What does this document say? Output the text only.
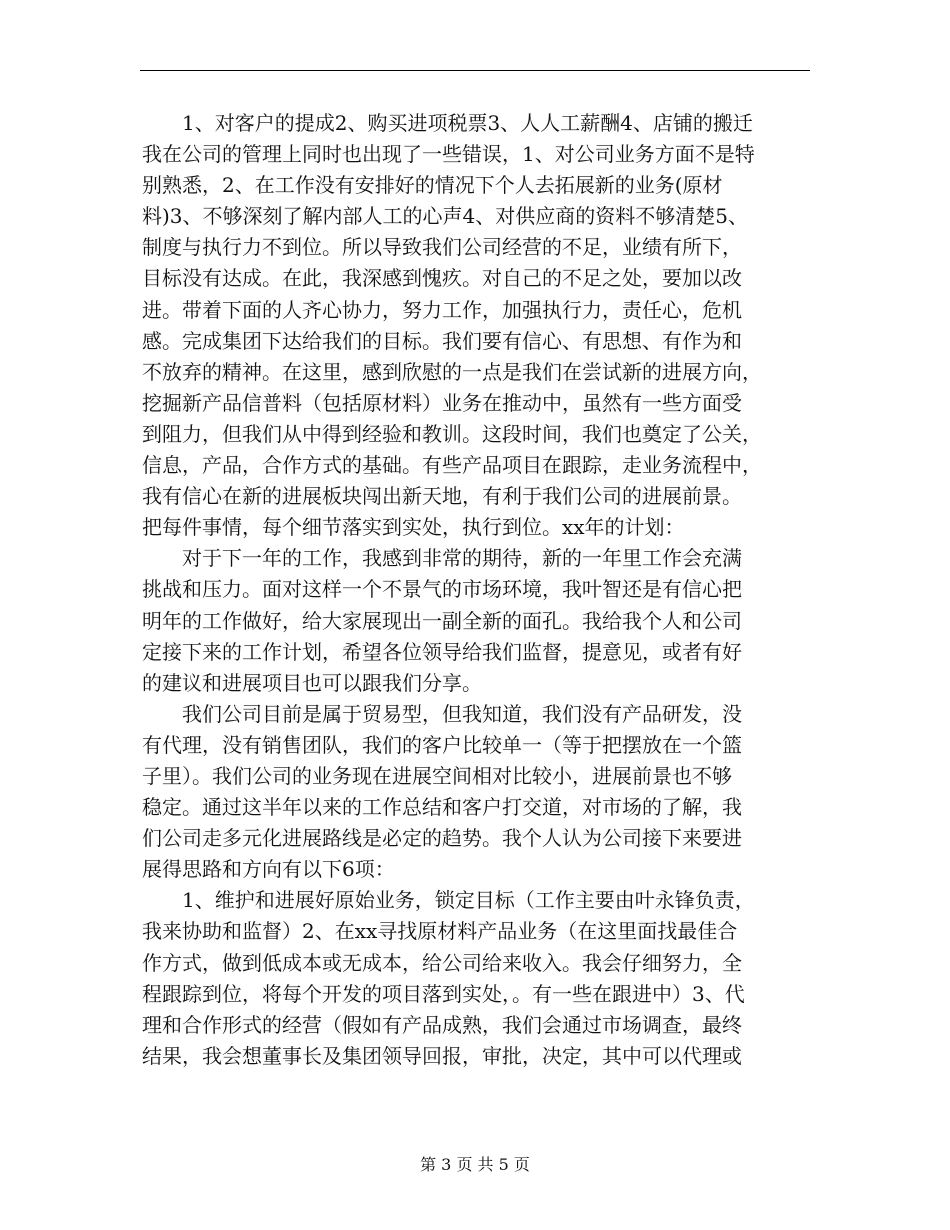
1、对客户的提成2、购买进项税票3、人人工薪酬4、店铺的搬迁
我在公司的管理上同时也出现了一些错误，1、对公司业务方面不是特
别熟悉，2、在工作没有安排好的情况下个人去拓展新的业务(原材
料)3、不够深刻了解内部人工的心声4、对供应商的资料不够清楚5、
制度与执行力不到位。所以导致我们公司经营的不足，业绩有所下，
目标没有达成。在此，我深感到愧疚。对自己的不足之处，要加以改
进。带着下面的人齐心协力，努力工作，加强执行力，责任心，危机
感。完成集团下达给我们的目标。我们要有信心、有思想、有作为和
不放弃的精神。在这里，感到欣慰的一点是我们在尝试新的进展方向，
挖掘新产品信普料（包括原材料）业务在推动中，虽然有一些方面受
到阻力，但我们从中得到经验和教训。这段时间，我们也奠定了公关，
信息，产品，合作方式的基础。有些产品项目在跟踪，走业务流程中，
我有信心在新的进展板块闯出新天地，有利于我们公司的进展前景。
把每件事情，每个细节落实到实处，执行到位。xx年的计划：
对于下一年的工作，我感到非常的期待，新的一年里工作会充满
挑战和压力。面对这样一个不景气的市场环境，我叶智还是有信心把
明年的工作做好，给大家展现出一副全新的面孔。我给我个人和公司
定接下来的工作计划，希望各位领导给我们监督，提意见，或者有好
的建议和进展项目也可以跟我们分享。
我们公司目前是属于贸易型，但我知道，我们没有产品研发，没
有代理，没有销售团队，我们的客户比较单一（等于把摆放在一个篮
子里）。我们公司的业务现在进展空间相对比较小，进展前景也不够
稳定。通过这半年以来的工作总结和客户打交道，对市场的了解，我
们公司走多元化进展路线是必定的趋势。我个人认为公司接下来要进
展得思路和方向有以下6项：
1、维护和进展好原始业务，锁定目标（工作主要由叶永锋负责，
我来协助和监督）2、在xx寻找原材料产品业务（在这里面找最佳合
作方式，做到低成本或无成本，给公司给来收入。我会仔细努力，全
程跟踪到位，将每个开发的项目落到实处，。有一些在跟进中）3、代
理和合作形式的经营（假如有产品成熟，我们会通过市场调查，最终
结果，我会想董事长及集团领导回报，审批，决定，其中可以代理或
第 3 页 共 5 页
